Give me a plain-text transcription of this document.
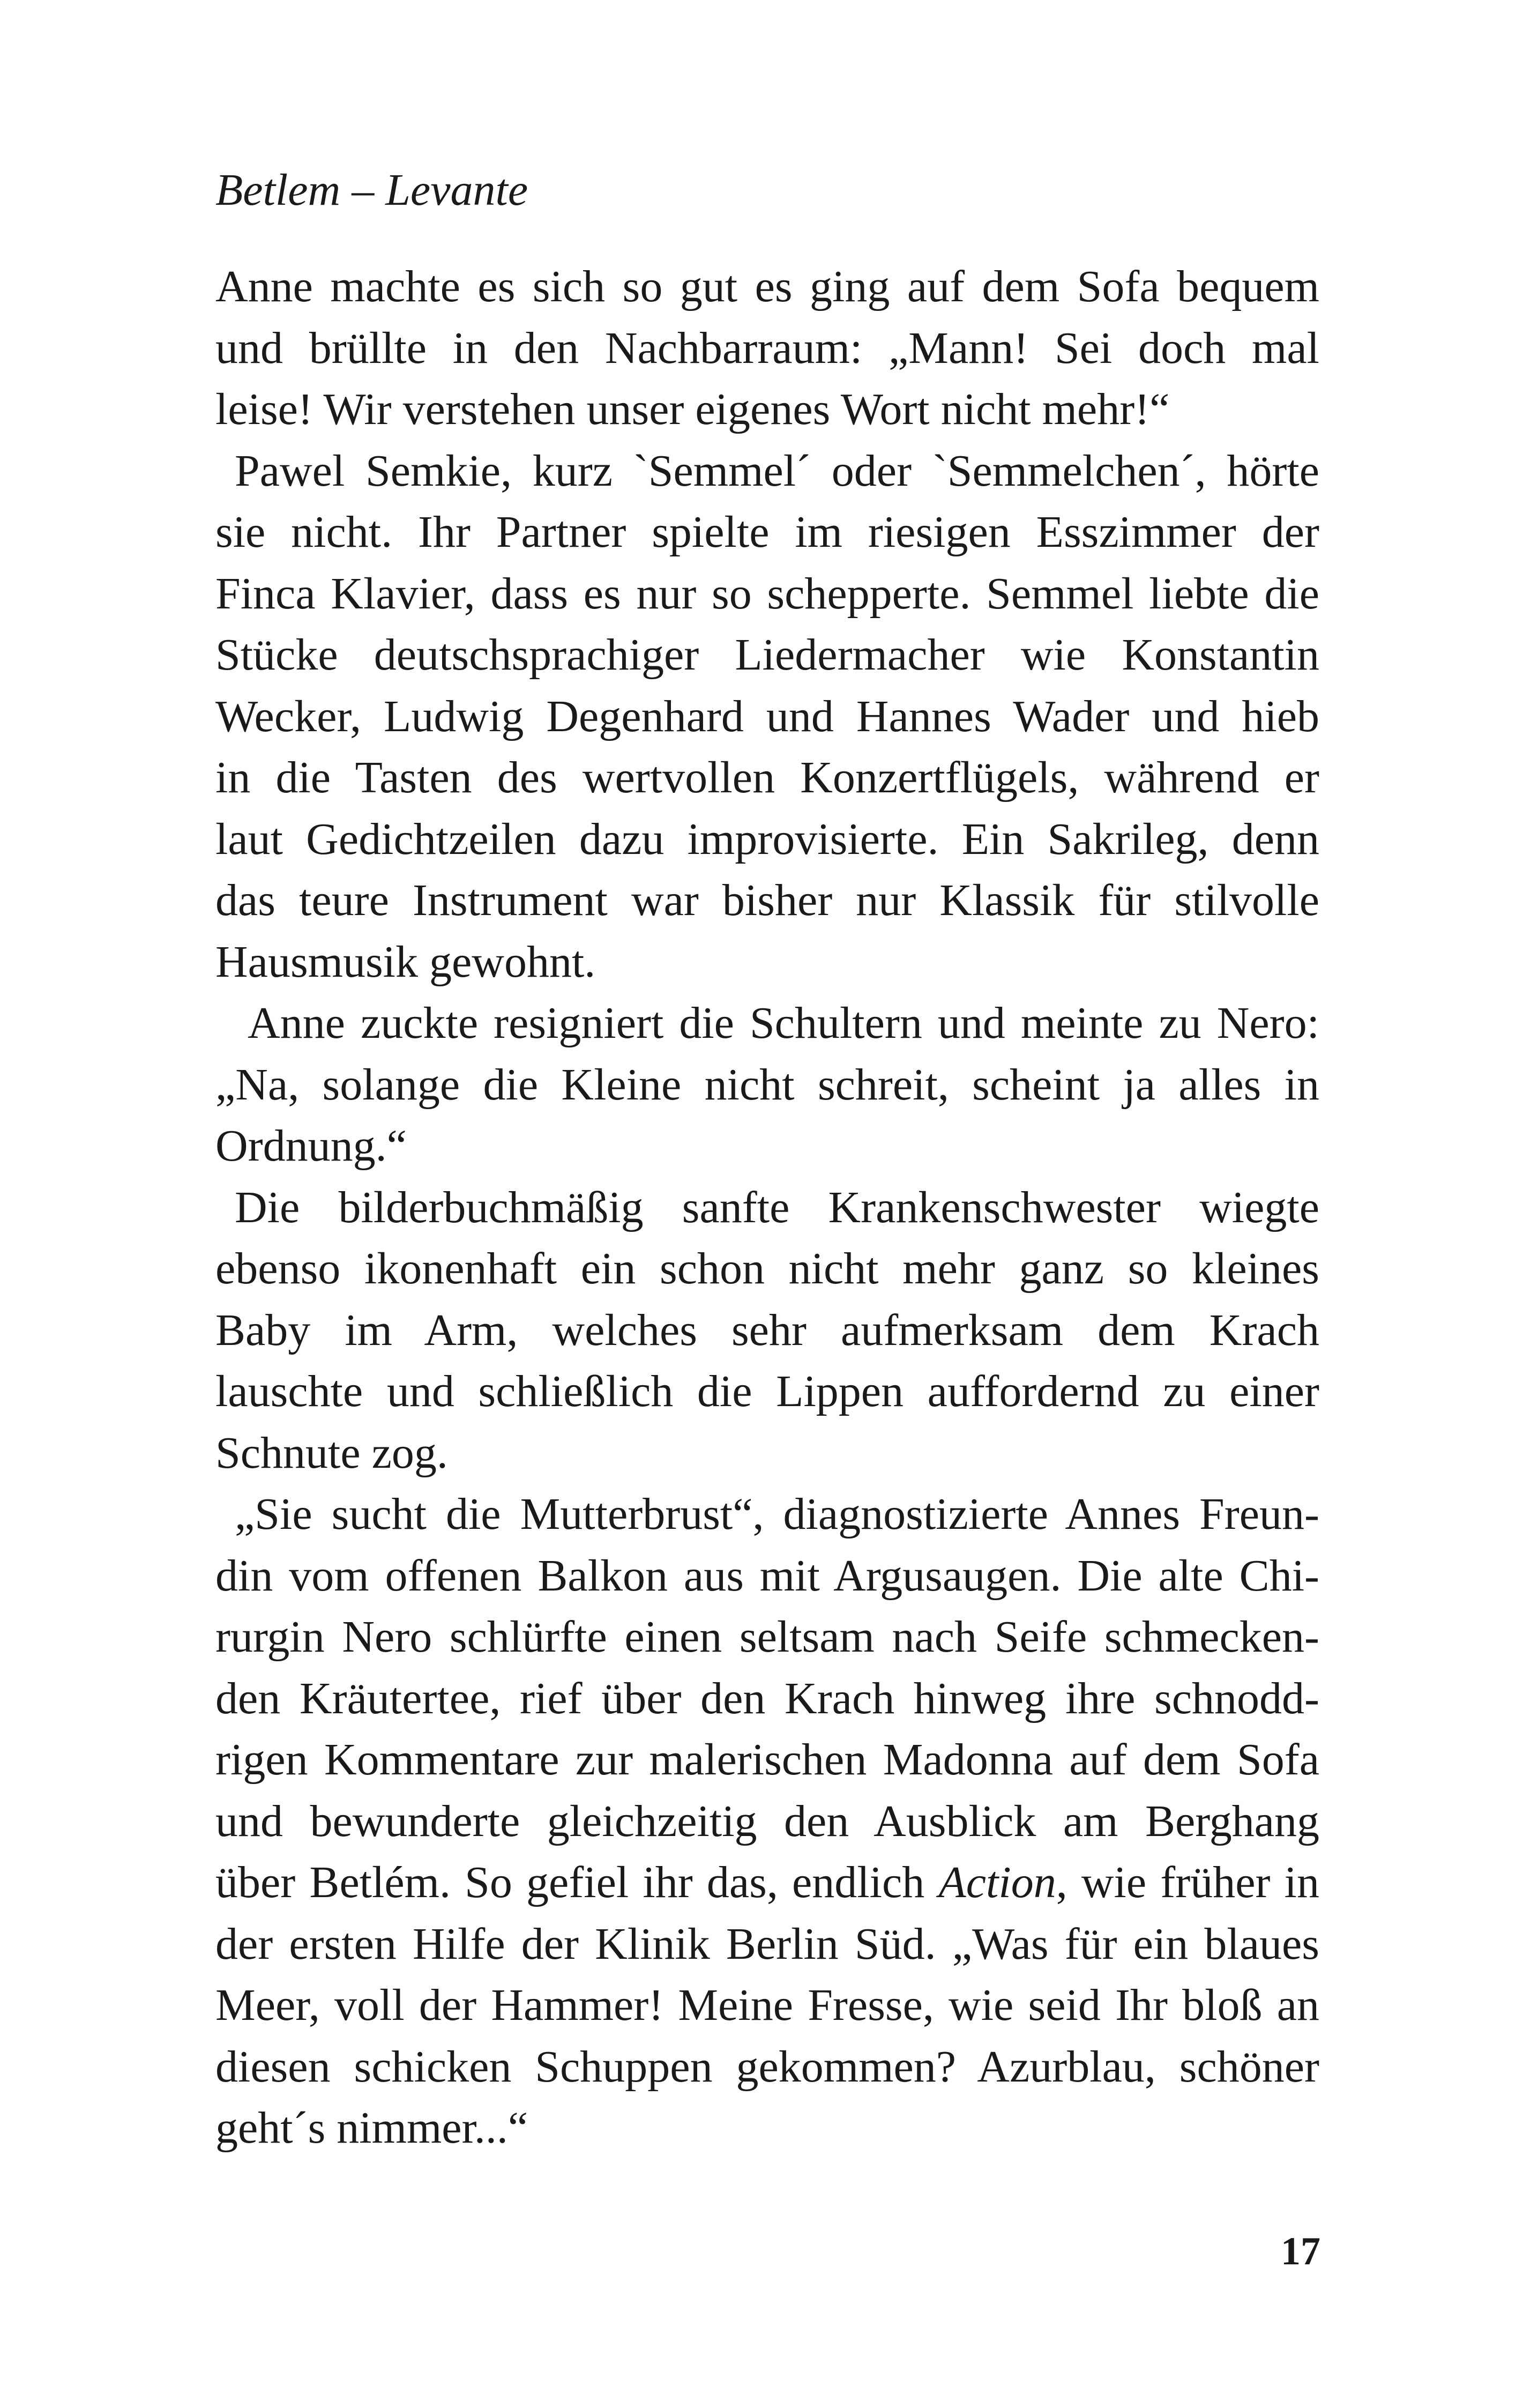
Betlem – Levante
Anne machte es sich so gut es ging auf dem Sofa bequem
und brüllte in den Nachbarraum: „Mann! Sei doch mal
leise! Wir verstehen unser eigenes Wort nicht mehr!“
Pawel Semkie, kurz `Semmel´ oder `Semmelchen´, hörte
sie nicht. Ihr Partner spielte im riesigen Esszimmer der
Finca Klavier, dass es nur so schepperte. Semmel liebte die
Stücke deutschsprachiger Liedermacher wie Konstantin
Wecker, Ludwig Degenhard und Hannes Wader und hieb
in die Tasten des wertvollen Konzertflügels, während er
laut Gedichtzeilen dazu improvisierte. Ein Sakrileg, denn
das teure Instrument war bisher nur Klassik für stilvolle
Hausmusik gewohnt.
Anne zuckte resigniert die Schultern und meinte zu Nero:
„Na, solange die Kleine nicht schreit, scheint ja alles in
Ordnung.“
Die bilderbuchmäßig sanfte Krankenschwester wiegte
ebenso ikonenhaft ein schon nicht mehr ganz so kleines
Baby im Arm, welches sehr aufmerksam dem Krach
lauschte und schließlich die Lippen auffordernd zu einer
Schnute zog.
„Sie sucht die Mutterbrust“, diagnostizierte Annes Freun-
din vom offenen Balkon aus mit Argusaugen. Die alte Chi-
rurgin Nero schlürfte einen seltsam nach Seife schmecken-
den Kräutertee, rief über den Krach hinweg ihre schnodd-
rigen Kommentare zur malerischen Madonna auf dem Sofa
und bewunderte gleichzeitig den Ausblick am Berghang
über Betlém. So gefiel ihr das, endlich Action, wie früher in
der ersten Hilfe der Klinik Berlin Süd. „Was für ein blaues
Meer, voll der Hammer! Meine Fresse, wie seid Ihr bloß an
diesen schicken Schuppen gekommen? Azurblau, schöner
geht´s nimmer...“
17
